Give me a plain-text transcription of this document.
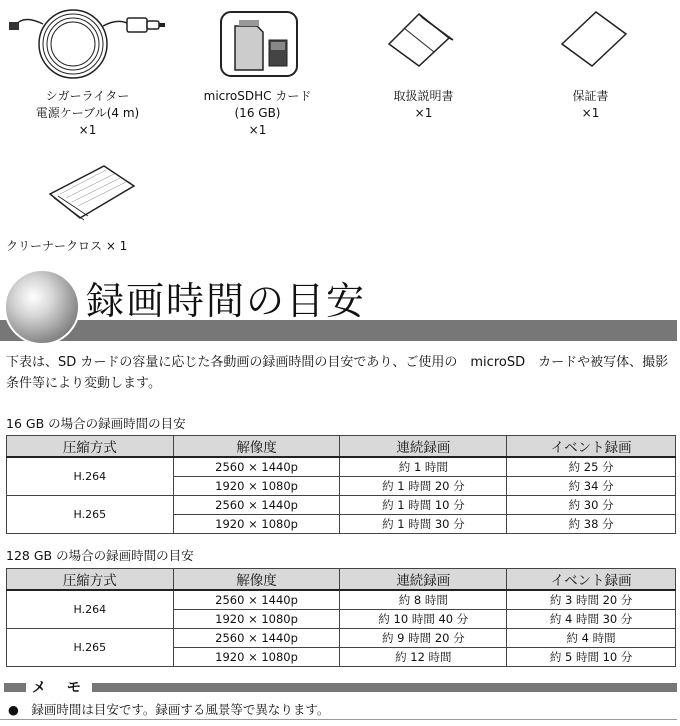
シガーライター
電源ケーブル(4 m)
×1
microSDHC カード
(16 GB)
×1
取扱説明書
×1
保証書
×1
クリーナークロス × 1
録画時間の目安
下表は、SD カードの容量に応じた各動画の録画時間の目安であり、ご使用の　microSD　カードや被写体、撮影条件等により変動します。
16 GB の場合の録画時間の目安
圧縮方式	解像度	連続録画	イベント録画
H.264	2560 × 1440p	約 1 時間	約 25 分
	1920 × 1080p	約 1 時間 20 分	約 34 分
H.265	2560 × 1440p	約 1 時間 10 分	約 30 分
	1920 × 1080p	約 1 時間 30 分	約 38 分
128 GB の場合の録画時間の目安
圧縮方式	解像度	連続録画	イベント録画
H.264	2560 × 1440p	約 8 時間	約 3 時間 20 分
	1920 × 1080p	約 10 時間 40 分	約 4 時間 30 分
H.265	2560 × 1440p	約 9 時間 20 分	約 4 時間
	1920 × 1080p	約 12 時間	約 5 時間 10 分
メ モ
●　録画時間は目安です。録画する風景等で異なります。
